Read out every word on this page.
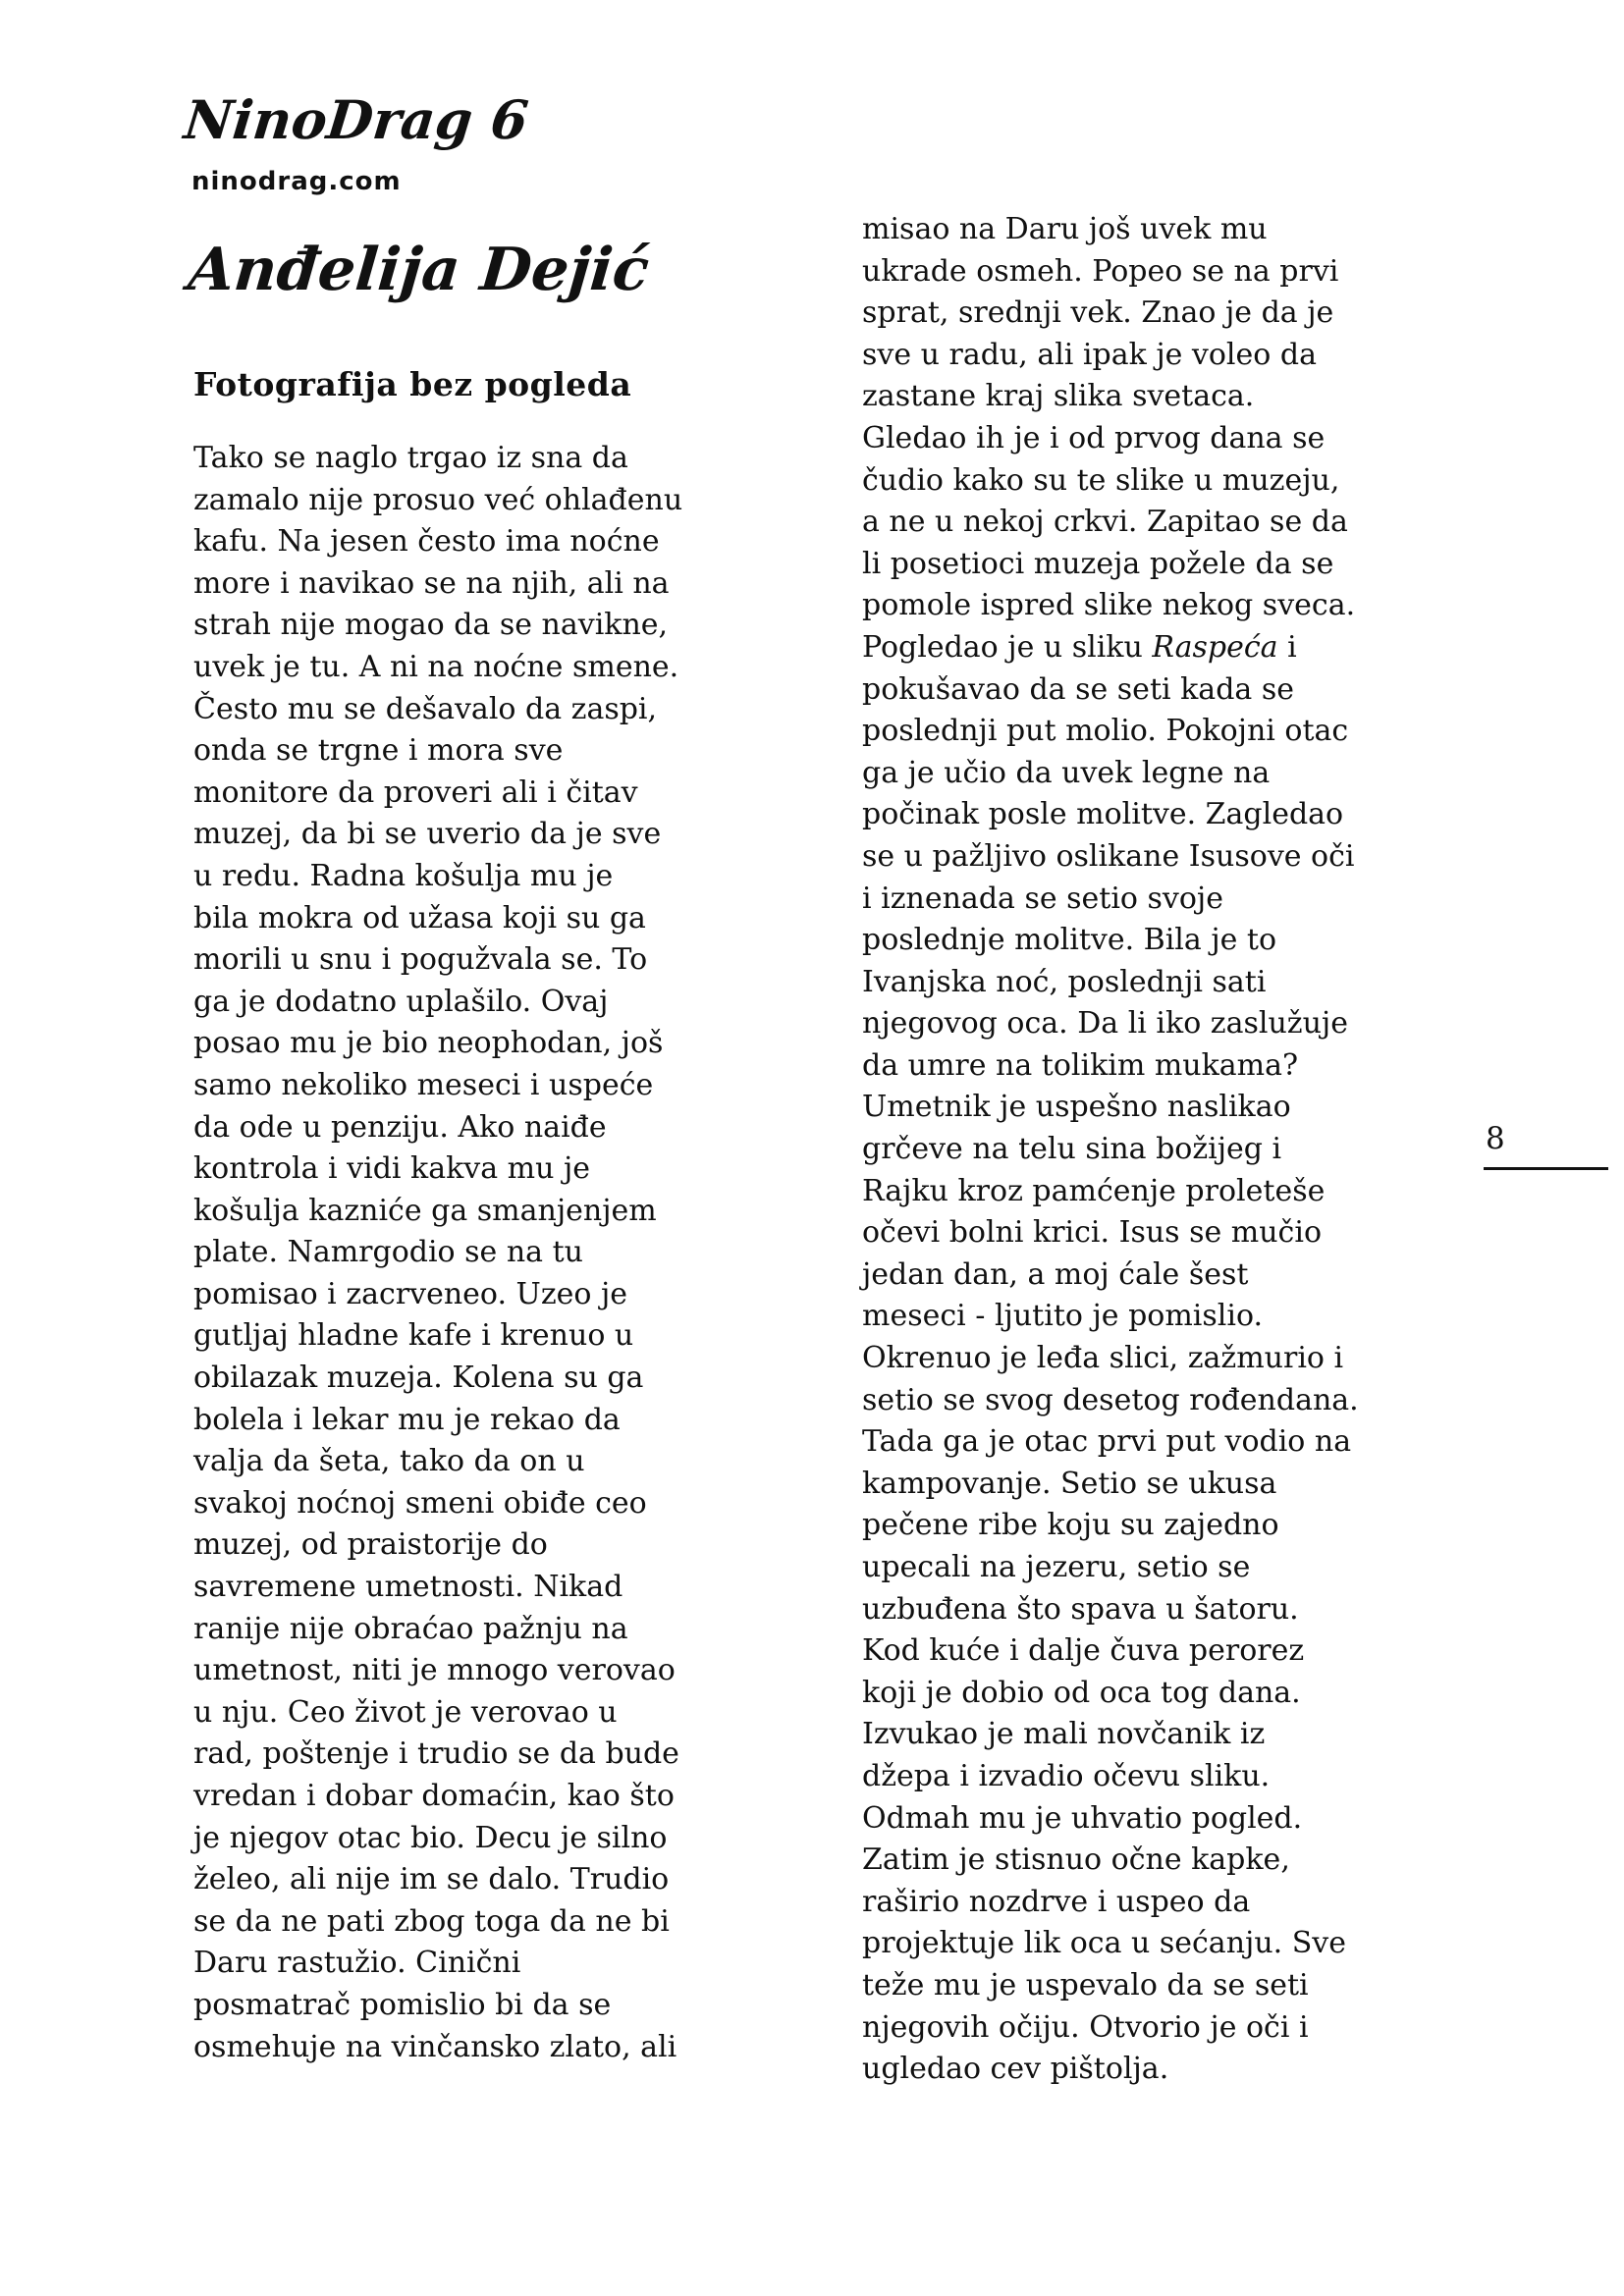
NinoDrag 6
ninodrag.com
Anđelija Dejić
Fotografija bez pogleda
Tako se naglo trgao iz sna da
zamalo nije prosuo već ohlađenu
kafu. Na jesen često ima noćne
more i navikao se na njih, ali na
strah nije mogao da se navikne,
uvek je tu. A ni na noćne smene.
Često mu se dešavalo da zaspi,
onda se trgne i mora sve
monitore da proveri ali i čitav
muzej, da bi se uverio da je sve
u redu. Radna košulja mu je
bila mokra od užasa koji su ga
morili u snu i pogužvala se. To
ga je dodatno uplašilo. Ovaj
posao mu je bio neophodan, još
samo nekoliko meseci i uspeće
da ode u penziju. Ako naiđe
kontrola i vidi kakva mu je
košulja kazniće ga smanjenjem
plate. Namrgodio se na tu
pomisao i zacrveneo. Uzeo je
gutljaj hladne kafe i krenuo u
obilazak muzeja. Kolena su ga
bolela i lekar mu je rekao da
valja da šeta, tako da on u
svakoj noćnoj smeni obiđe ceo
muzej, od praistorije do
savremene umetnosti. Nikad
ranije nije obraćao pažnju na
umetnost, niti je mnogo verovao
u nju. Ceo život je verovao u
rad, poštenje i trudio se da bude
vredan i dobar domaćin, kao što
je njegov otac bio. Decu je silno
želeo, ali nije im se dalo. Trudio
se da ne pati zbog toga da ne bi
Daru rastužio. Cinični
posmatrač pomislio bi da se
osmehuje na vinčansko zlato, ali
misao na Daru još uvek mu
ukrade osmeh. Popeo se na prvi
sprat, srednji vek. Znao je da je
sve u radu, ali ipak je voleo da
zastane kraj slika svetaca.
Gledao ih je i od prvog dana se
čudio kako su te slike u muzeju,
a ne u nekoj crkvi. Zapitao se da
li posetioci muzeja požele da se
pomole ispred slike nekog sveca.
Pogledao je u sliku Raspeća i
pokušavao da se seti kada se
poslednji put molio. Pokojni otac
ga je učio da uvek legne na
počinak posle molitve. Zagledao
se u pažljivo oslikane Isusove oči
i iznenada se setio svoje
poslednje molitve. Bila je to
Ivanjska noć, poslednji sati
njegovog oca. Da li iko zaslužuje
da umre na tolikim mukama?
Umetnik je uspešno naslikao
grčeve na telu sina božijeg i
Rajku kroz pamćenje proleteše
očevi bolni krici. Isus se mučio
jedan dan, a moj ćale šest
meseci - ljutito je pomislio.
Okrenuo je leđa slici, zažmurio i
setio se svog desetog rođendana.
Tada ga je otac prvi put vodio na
kampovanje. Setio se ukusa
pečene ribe koju su zajedno
upecali na jezeru, setio se
uzbuđena što spava u šatoru.
Kod kuće i dalje čuva perorez
koji je dobio od oca tog dana.
Izvukao je mali novčanik iz
džepa i izvadio očevu sliku.
Odmah mu je uhvatio pogled.
Zatim je stisnuo očne kapke,
raširio nozdrve i uspeo da
projektuje lik oca u sećanju. Sve
teže mu je uspevalo da se seti
njegovih očiju. Otvorio je oči i
ugledao cev pištolja.
8
